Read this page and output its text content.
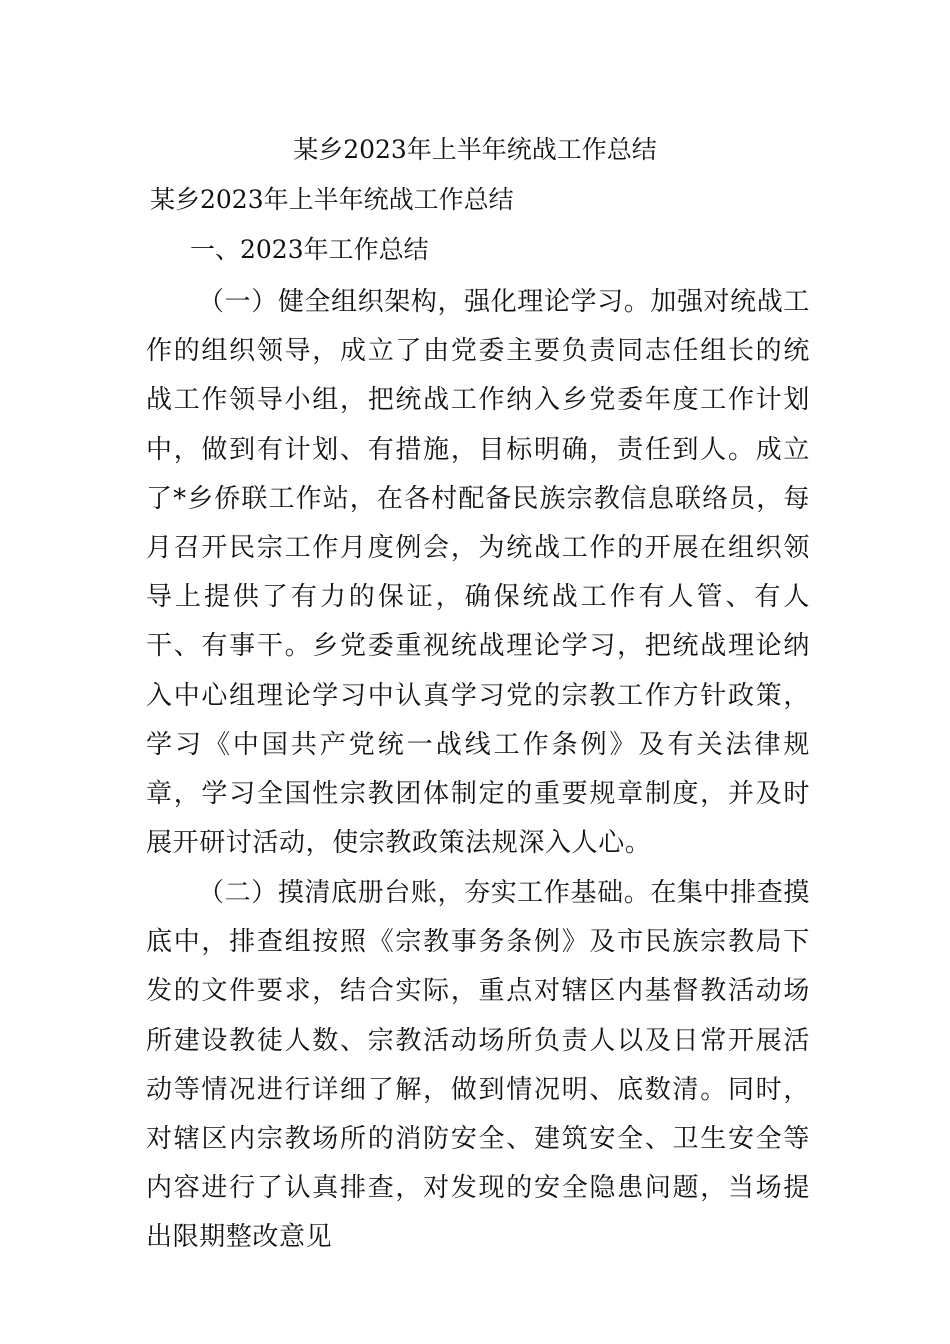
某乡2023年上半年统战工作总结
某乡2023年上半年统战工作总结
一、2023年工作总结

（一）健全组织架构，强化理论学习。加强对统战工作的组织领导，成立了由党委主要负责同志任组长的统战工作领导小组，把统战工作纳入乡党委年度工作计划中，做到有计划、有措施，目标明确，责任到人。成立了*乡侨联工作站，在各村配备民族宗教信息联络员，每月召开民宗工作月度例会，为统战工作的开展在组织领导上提供了有力的保证，确保统战工作有人管、有人干、有事干。乡党委重视统战理论学习，把统战理论纳入中心组理论学习中认真学习党的宗教工作方针政策，学习《中国共产党统一战线工作条例》及有关法律规章，学习全国性宗教团体制定的重要规章制度，并及时展开研讨活动，使宗教政策法规深入人心。

（二）摸清底册台账，夯实工作基础。在集中排查摸底中，排查组按照《宗教事务条例》及市民族宗教局下发的文件要求，结合实际，重点对辖区内基督教活动场所建设教徒人数、宗教活动场所负责人以及日常开展活动等情况进行详细了解，做到情况明、底数清。同时，对辖区内宗教场所的消防安全、建筑安全、卫生安全等内容进行了认真排查，对发现的安全隐患问题，当场提出限期整改意见
